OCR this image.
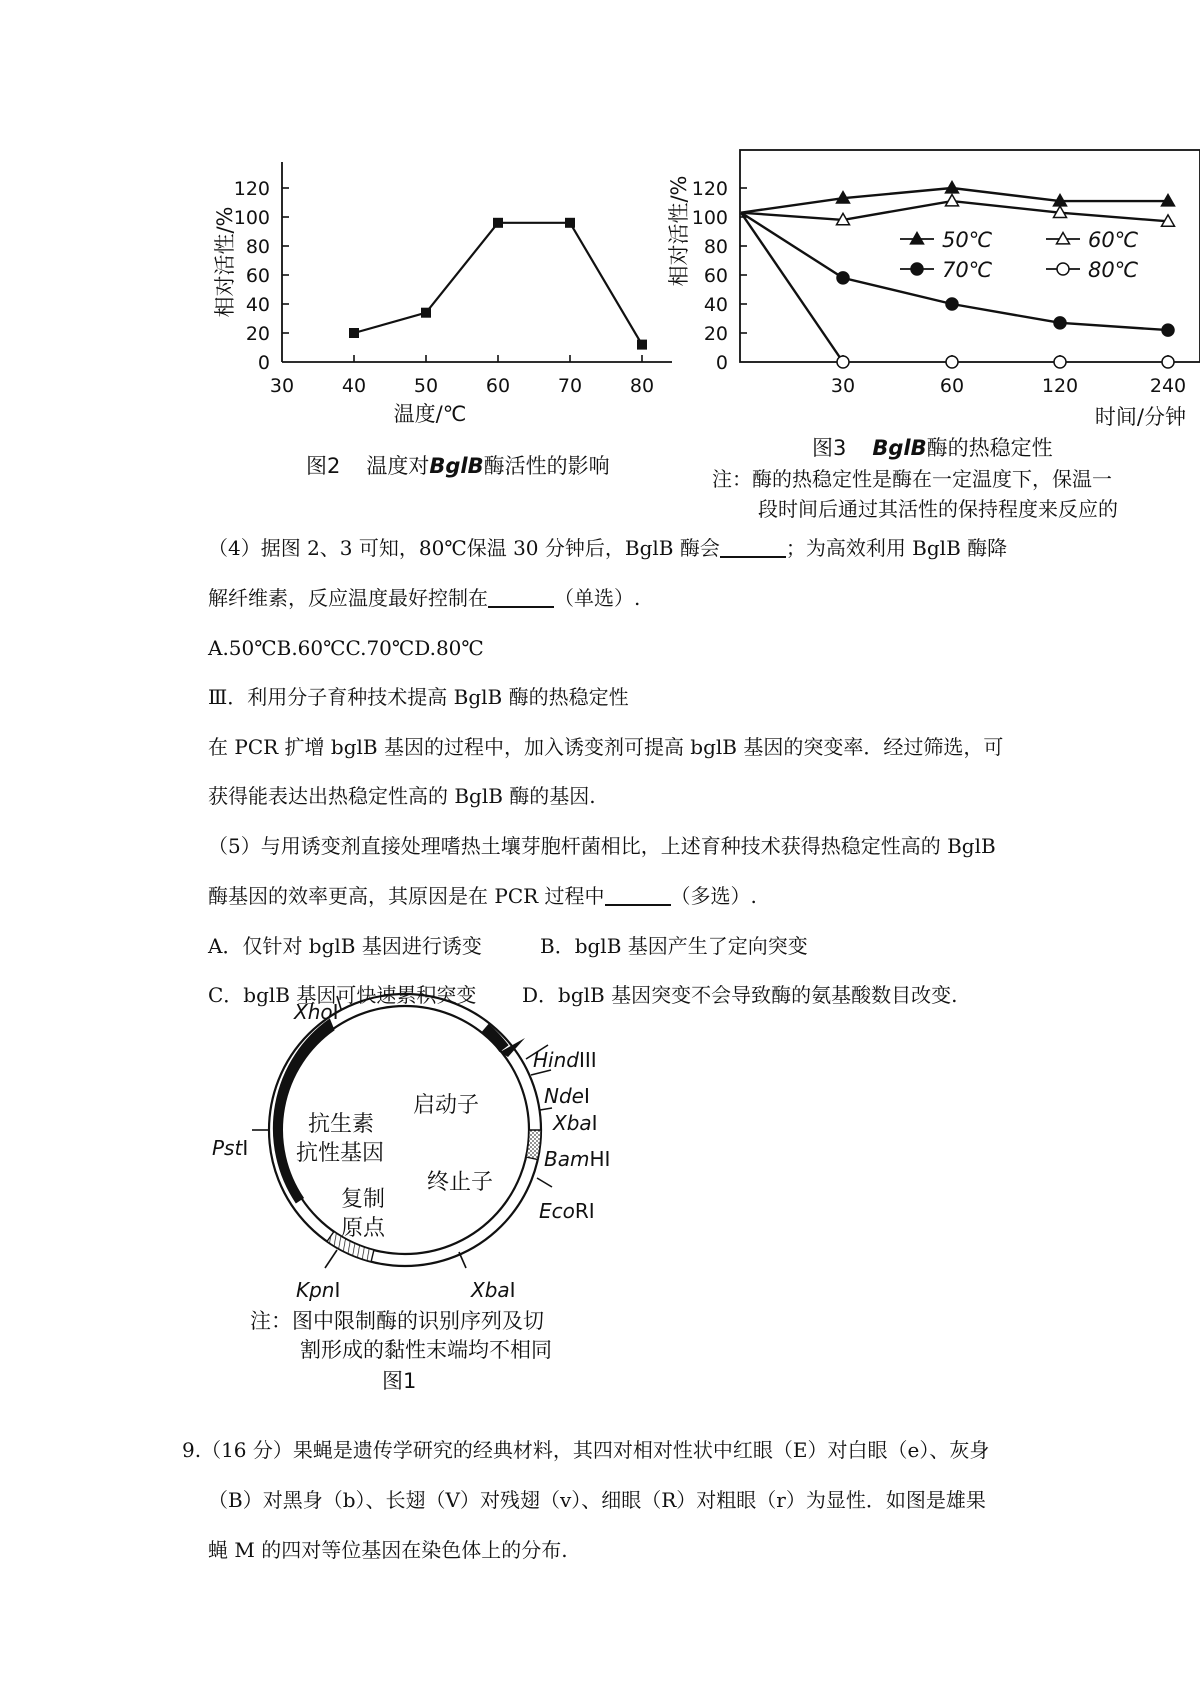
0
20
40
60
80
100
120
30	40	50	60	70	80
相对活性/%
温度/℃
图2 温度对BglB酶活性的影响
0
20
40
60
80
100
120
30	60	120	240
相对活性/%
时间/分钟
50℃	60℃
70℃	80℃
图3 BglB酶的热稳定性
注：酶的热稳定性是酶在一定温度下，保温一
段时间后通过其活性的保持程度来反应的
XhoI
HindIII
NdeI
XbaI
BamHI
EcoRI
XbaI
KpnI
PstI
启动子
抗生素
抗性基因
终止子
复制
原点
注：图中限制酶的识别序列及切
割形成的黏性末端均不相同
图1
（4）据图 2、3 可知，80℃保温 30 分钟后，BglB 酶会	；为高效利用 BglB 酶降
解纤维素，反应温度最好控制在	（单选）.
A.50℃B.60℃C.70℃D.80℃
Ⅲ．利用分子育种技术提高 BglB 酶的热稳定性
在 PCR 扩增 bglB 基因的过程中，加入诱变剂可提高 bglB 基因的突变率．经过筛选，可
获得能表达出热稳定性高的 BglB 酶的基因.
（5）与用诱变剂直接处理嗜热土壤芽胞杆菌相比，上述育种技术获得热稳定性高的 BglB
酶基因的效率更高，其原因是在 PCR 过程中	（多选）.
A．仅针对 bglB 基因进行诱变	B．bglB 基因产生了定向突变
C．bglB 基因可快速累积突变 D．bglB 基因突变不会导致酶的氨基酸数目改变.
9.（16 分）果蝇是遗传学研究的经典材料，其四对相对性状中红眼（E）对白眼（e）、灰身
（B）对黑身（b）、长翅（V）对残翅（v）、细眼（R）对粗眼（r）为显性．如图是雄果
蝇 M 的四对等位基因在染色体上的分布.
